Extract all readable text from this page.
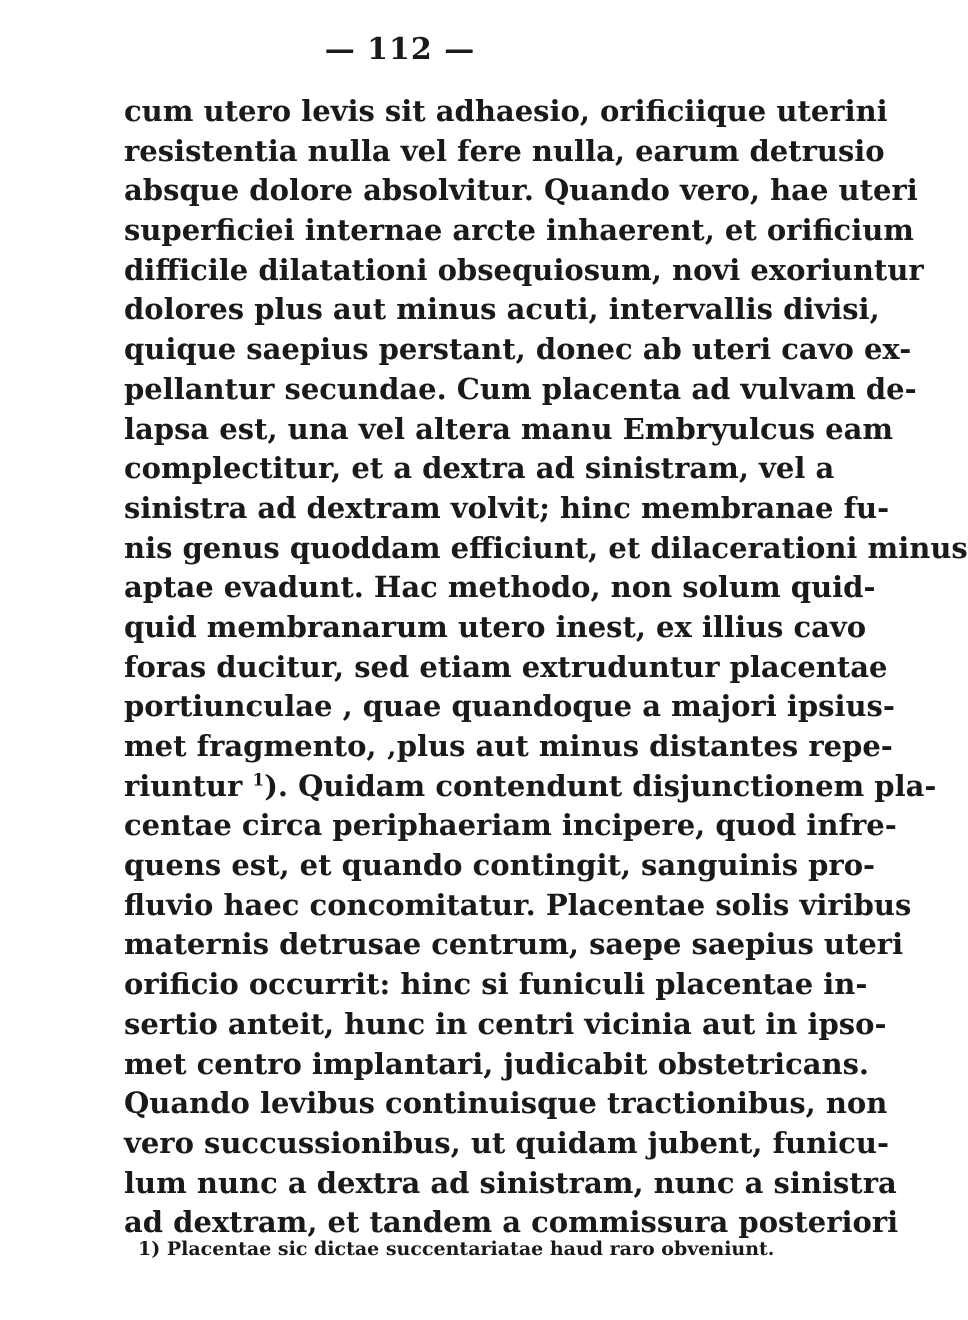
— 112 —
cum utero levis sit adhaesio, orificiique uterini
resistentia nulla vel fere nulla, earum detrusio
absque dolore absolvitur. Quando vero, hae uteri
superficiei internae arcte inhaerent, et orificium
difficile dilatationi obsequiosum, novi exoriuntur
dolores plus aut minus acuti, intervallis divisi,
quique saepius perstant, donec ab uteri cavo ex-
pellantur secundae. Cum placenta ad vulvam de-
lapsa est, una vel altera manu Embryulcus eam
complectitur, et a dextra ad sinistram, vel a
sinistra ad dextram volvit; hinc membranae fu-
nis genus quoddam efficiunt, et dilacerationi minus
aptae evadunt. Hac methodo, non solum quid-
quid membranarum utero inest, ex illius cavo
foras ducitur, sed etiam extruduntur placentae
portiunculae , quae quandoque a majori ipsius-
met fragmento, ‚plus aut minus distantes repe-
riuntur $^1$). Quidam contendunt disjunctionem pla-
centae circa periphaeriam incipere, quod infre-
quens est, et quando contingit, sanguinis pro-
fluvio haec concomitatur. Placentae solis viribus
maternis detrusae centrum, saepe saepius uteri
orificio occurrit: hinc si funiculi placentae in-
sertio anteit, hunc in centri vicinia aut in ipso-
met centro implantari, judicabit obstetricans.
Quando levibus continuisque tractionibus, non
vero succussionibus, ut quidam jubent, funicu-
lum nunc a dextra ad sinistram, nunc a sinistra
ad dextram, et tandem a commissura posteriori
1) Placentae sic dictae succentariatae haud raro obveniunt.
